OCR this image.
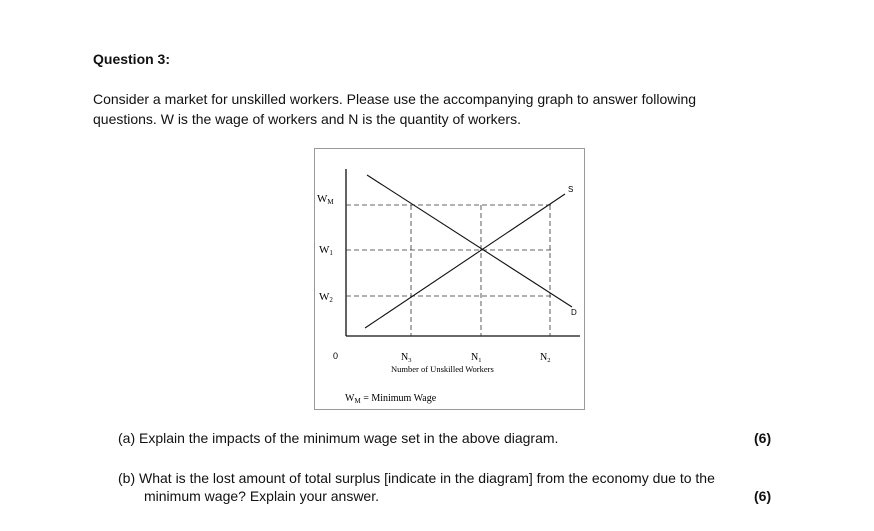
Question 3:
Consider a market for unskilled workers. Please use the accompanying graph to answer following
questions. W is the wage of workers and N is the quantity of workers.
S
D
WM
W1
W2
0	$N_3$	$N_1$	$N_2$
Number of Unskilled Workers
$W_M$ = Minimum Wage
(a) Explain the impacts of the minimum wage set in the above diagram.	(6)
(b) What is the lost amount of total surplus [indicate in the diagram] from the economy due to the
minimum wage? Explain your answer.	(6)
